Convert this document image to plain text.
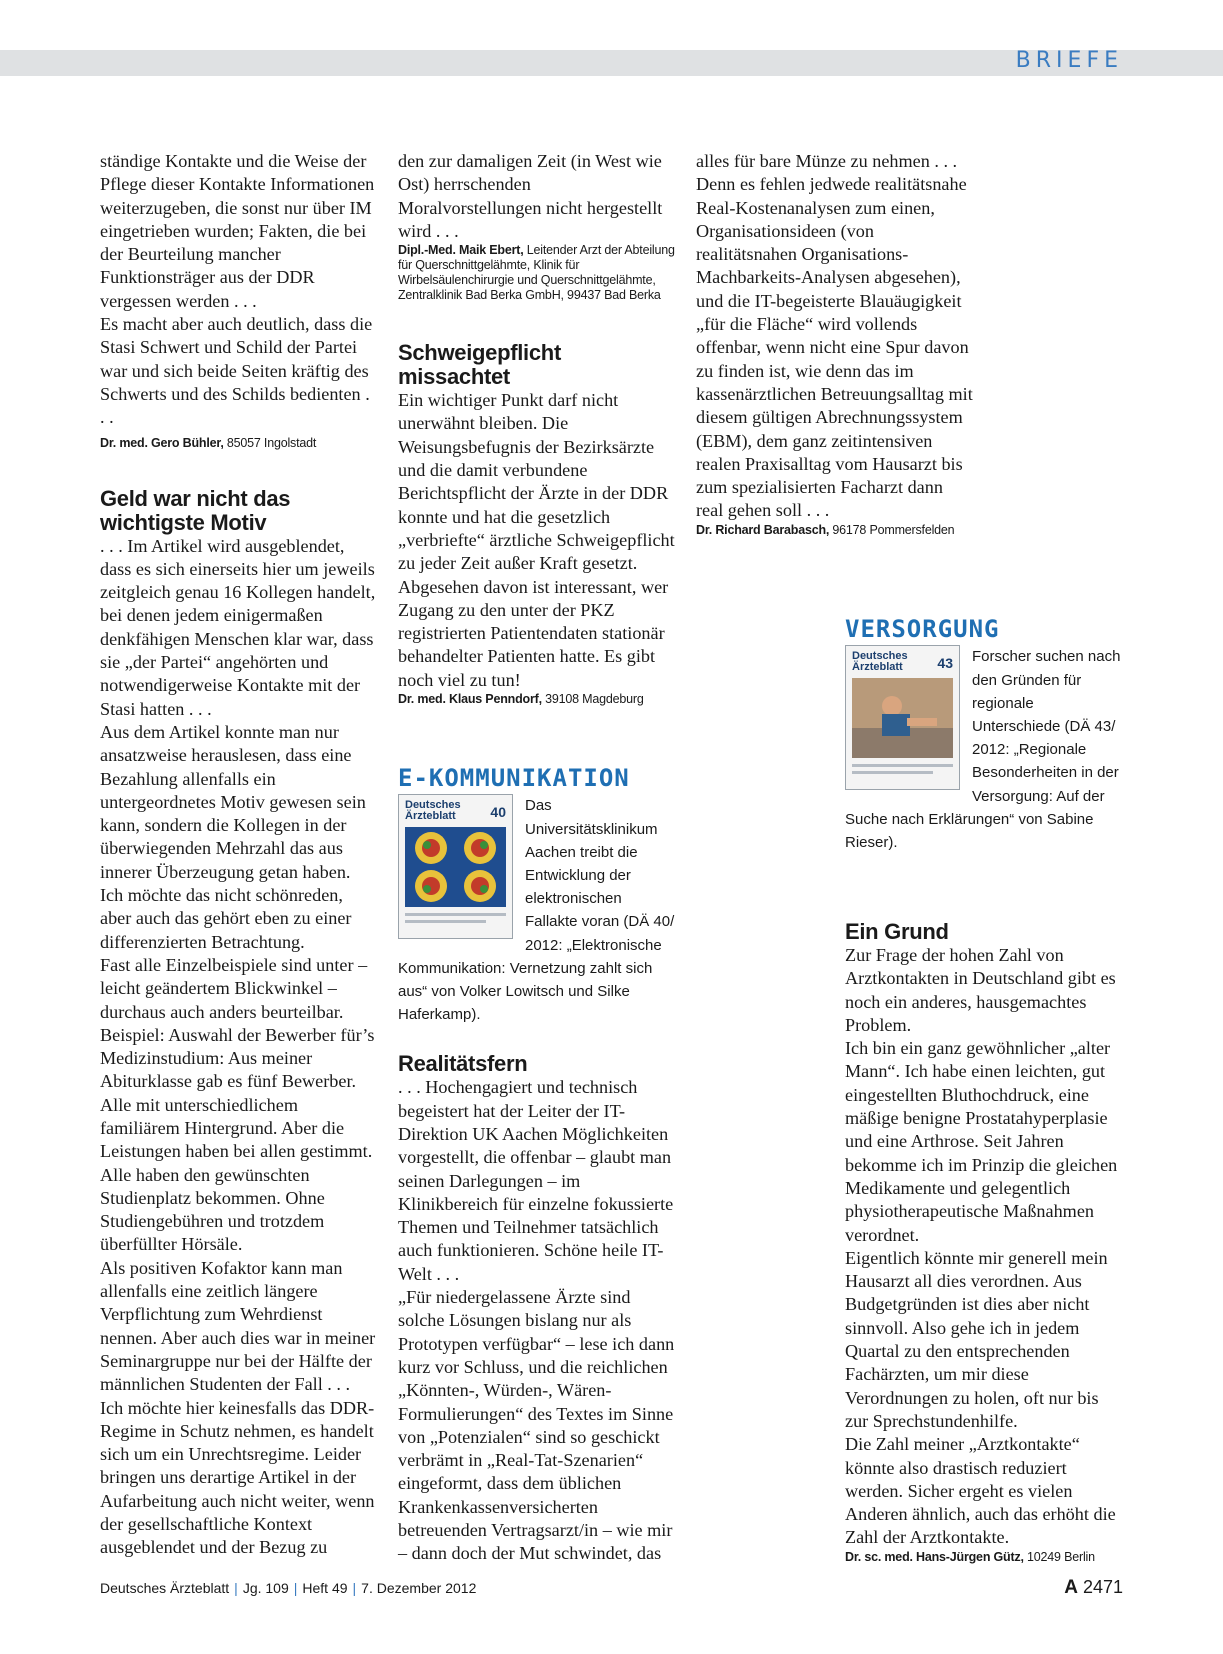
BRIEFE

ständige Kontakte und die Weise der Pflege dieser Kontakte Informationen weiterzugeben, die sonst nur über IM eingetrieben wurden; Fakten, die bei der Beurteilung mancher Funktionsträger aus der DDR vergessen werden . . .

Es macht aber auch deutlich, dass die Stasi Schwert und Schild der Partei war und sich beide Seiten kräftig des Schwerts und des Schilds bedienten . . .

Dr. med. Gero Bühler, 85057 Ingolstadt

Geld war nicht das wichtigste Motiv

. . . Im Artikel wird ausgeblendet, dass es sich einerseits hier um jeweils zeitgleich genau 16 Kollegen handelt, bei denen jedem einigermaßen denkfähigen Menschen klar war, dass sie „der Partei“ angehörten und notwendigerweise Kontakte mit der Stasi hatten . . .

Aus dem Artikel konnte man nur ansatzweise herauslesen, dass eine Bezahlung allenfalls ein untergeordnetes Motiv gewesen sein kann, sondern die Kollegen in der überwiegenden Mehrzahl das aus innerer Überzeugung getan haben. Ich möchte das nicht schönreden, aber auch das gehört eben zu einer differenzierten Betrachtung.

Fast alle Einzelbeispiele sind unter – leicht geändertem Blickwinkel – durchaus auch anders beurteilbar. Beispiel: Auswahl der Bewerber für’s Medizinstudium: Aus meiner Abiturklasse gab es fünf Bewerber. Alle mit unterschiedlichem familiärem Hintergrund. Aber die Leistungen haben bei allen gestimmt. Alle haben den gewünschten Studienplatz bekommen. Ohne Studiengebühren und trotzdem überfüllter Hörsäle.

Als positiven Kofaktor kann man allenfalls eine zeitlich längere Verpflichtung zum Wehrdienst nennen. Aber auch dies war in meiner Seminargruppe nur bei der Hälfte der männlichen Studenten der Fall . . .

Ich möchte hier keinesfalls das DDR-Regime in Schutz nehmen, es handelt sich um ein Unrechtsregime. Leider bringen uns derartige Artikel in der Aufarbeitung auch nicht weiter, wenn der gesellschaftliche Kontext ausgeblendet und der Bezug zu

den zur damaligen Zeit (in West wie Ost) herrschenden Moralvorstellungen nicht hergestellt wird . . .

Dipl.-Med. Maik Ebert, Leitender Arzt der Abteilung für Querschnittgelähmte, Klinik für Wirbelsäulenchirurgie und Querschnittgelähmte, Zentralklinik Bad Berka GmbH, 99437 Bad Berka

Schweigepflicht missachtet

Ein wichtiger Punkt darf nicht unerwähnt bleiben. Die Weisungsbefugnis der Bezirksärzte und die damit verbundene Berichtspflicht der Ärzte in der DDR konnte und hat die gesetzlich „verbriefte“ ärztliche Schweigepflicht zu jeder Zeit außer Kraft gesetzt. Abgesehen davon ist interessant, wer Zugang zu den unter der PKZ registrierten Patientendaten stationär behandelter Patienten hatte. Es gibt noch viel zu tun!

Dr. med. Klaus Penndorf, 39108 Magdeburg

E-KOMMUNIKATION
Deutsches Ärzteblatt	40 Das Universitätsklinikum Aachen treibt die Entwicklung der elektronischen Fallakte voran (DÄ 40/ 2012: „Elektronische Kommunikation: Vernetzung zahlt sich aus“ von Volker Lowitsch und Silke Haferkamp).
Realitätsfern

. . . Hochengagiert und technisch begeistert hat der Leiter der IT-Direktion UK Aachen Möglichkeiten vorgestellt, die offenbar – glaubt man seinen Darlegungen – im Klinikbereich für einzelne fokussierte Themen und Teilnehmer tatsächlich auch funktionieren. Schöne heile IT-Welt . . .

„Für niedergelassene Ärzte sind solche Lösungen bislang nur als Prototypen verfügbar“ – lese ich dann kurz vor Schluss, und die reichlichen „Könnten-, Würden-, Wären-Formulierungen“ des Textes im Sinne von „Potenzialen“ sind so geschickt verbrämt in „Real-Tat-Szenarien“ eingeformt, dass dem üblichen Krankenkassenversicherten betreuenden Vertragsarzt/in – wie mir – dann doch der Mut schwindet, das

alles für bare Münze zu nehmen . . . Denn es fehlen jedwede realitätsnahe Real-Kostenanalysen zum einen, Organisationsideen (von realitätsnahen Organisations-Machbarkeits-Analysen abgesehen), und die IT-begeisterte Blauäugigkeit „für die Fläche“ wird vollends offenbar, wenn nicht eine Spur davon zu finden ist, wie denn das im kassenärztlichen Betreuungsalltag mit diesem gültigen Abrechnungssystem (EBM), dem ganz zeitintensiven realen Praxisalltag vom Hausarzt bis zum spezialisierten Facharzt dann real gehen soll . . .

Dr. Richard Barabasch, 96178 Pommersfelden

VERSORGUNG
Deutsches Ärzteblatt	43 Forscher suchen nach den Gründen für regionale Unterschiede (DÄ 43/ 2012: „Regionale Besonderheiten in der Versorgung: Auf der Suche nach Erklärungen“ von Sabine Rieser).
Ein Grund

Zur Frage der hohen Zahl von Arztkontakten in Deutschland gibt es noch ein anderes, hausgemachtes Problem.

Ich bin ein ganz gewöhnlicher „alter Mann“. Ich habe einen leichten, gut eingestellten Bluthochdruck, eine mäßige benigne Prostatahyperplasie und eine Arthrose. Seit Jahren bekomme ich im Prinzip die gleichen Medikamente und gelegentlich physiotherapeutische Maßnahmen verordnet.

Eigentlich könnte mir generell mein Hausarzt all dies verordnen. Aus Budgetgründen ist dies aber nicht sinnvoll. Also gehe ich in jedem Quartal zu den entsprechenden Fachärzten, um mir diese Verordnungen zu holen, oft nur bis zur Sprechstundenhilfe.

Die Zahl meiner „Arztkontakte“ könnte also drastisch reduziert werden. Sicher ergeht es vielen Anderen ähnlich, auch das erhöht die Zahl der Arztkontakte.

Dr. sc. med. Hans-Jürgen Gütz, 10249 Berlin

Deutsches Ärzteblatt | Jg. 109 | Heft 49 | 7. Dezember 2012	A 2471
